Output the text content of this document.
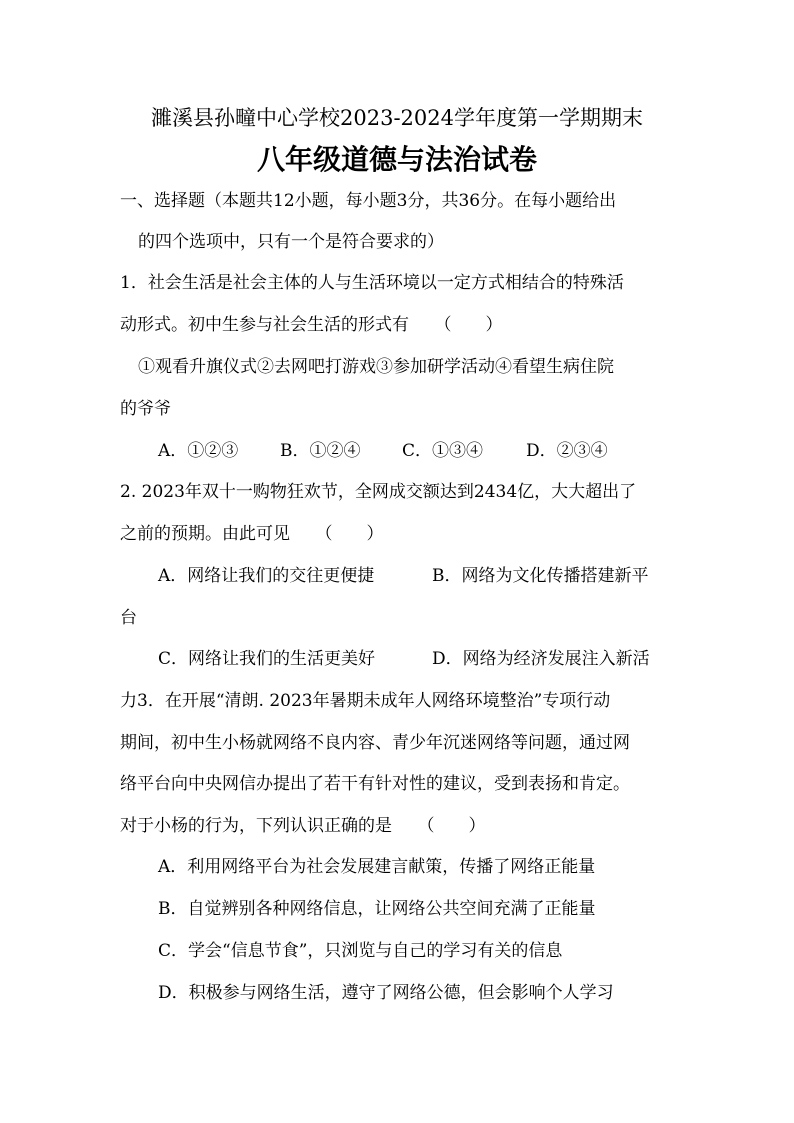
濉溪县孙疃中心学校2023-2024学年度第一学期期末
八年级道德与法治试卷
一、选择题（本题共12小题，每小题3分，共36分。在每小题给出
的四个选项中，只有一个是符合要求的）
1．社会生活是社会主体的人与生活环境以一定方式相结合的特殊活
动形式。初中生参与社会生活的形式有　　（　　）
①观看升旗仪式②去网吧打游戏③参加研学活动④看望生病住院
的爷爷
A．①②③ B．①②④ C．①③④	D．②③④
2. 2023年双十一购物狂欢节，全网成交额达到2434亿，大大超出了
之前的预期。由此可见　　（　　）
A．网络让我们的交往更便捷	B．网络为文化传播搭建新平
台
C．网络让我们的生活更美好	D．网络为经济发展注入新活
力3．在开展“清朗. 2023年暑期未成年人网络环境整治”专项行动
期间，初中生小杨就网络不良内容、青少年沉迷网络等问题，通过网
络平台向中央网信办提出了若干有针对性的建议，受到表扬和肯定。
对于小杨的行为，下列认识正确的是　　（　　）
A．利用网络平台为社会发展建言献策，传播了网络正能量
B．自觉辨别各种网络信息，让网络公共空间充满了正能量
C．学会“信息节食”，只浏览与自己的学习有关的信息
D．积极参与网络生活，遵守了网络公德，但会影响个人学习
